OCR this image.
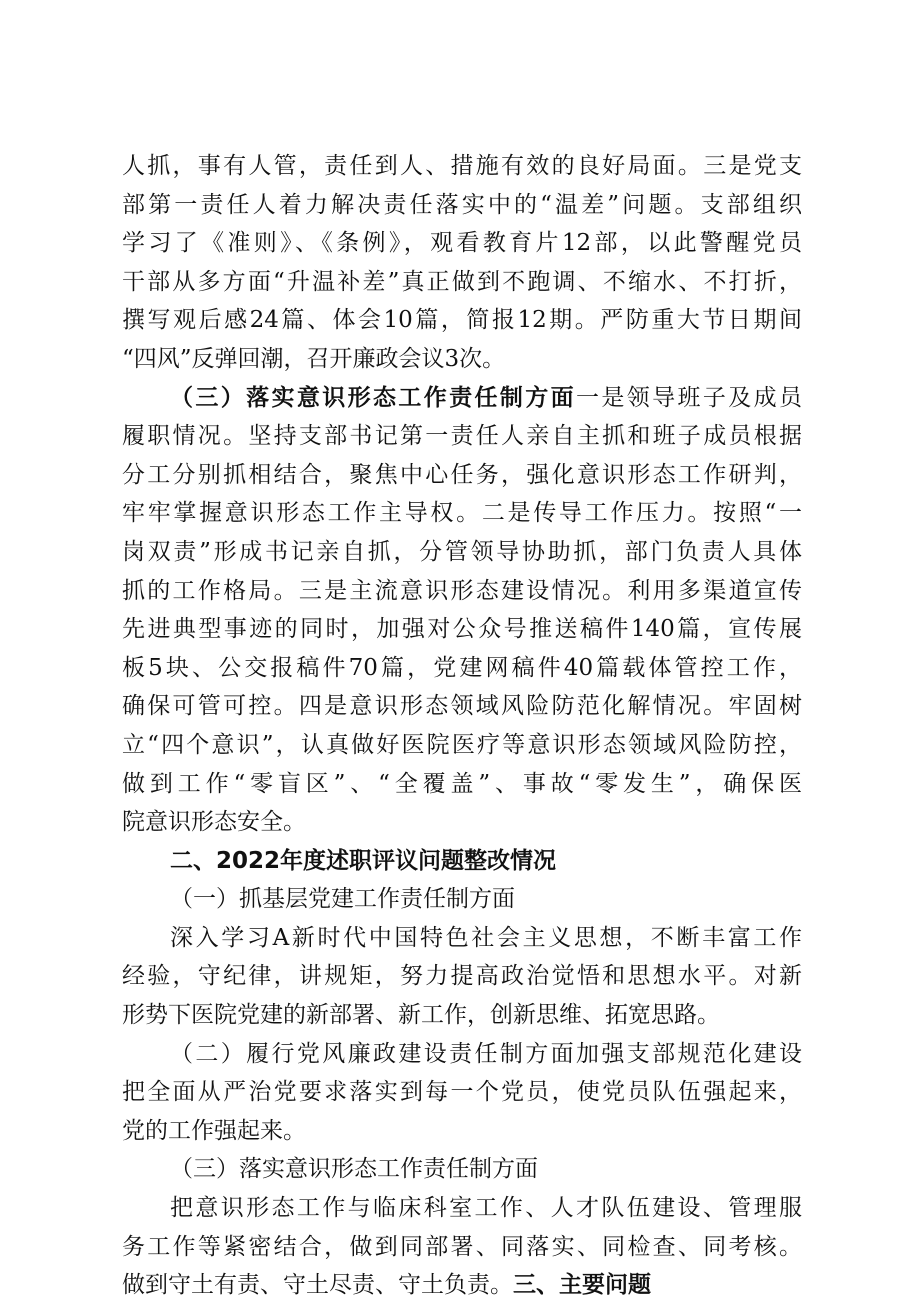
人抓，事有人管，责任到人、措施有效的良好局面。三是党支
部第一责任人着力解决责任落实中的“温差”问题。支部组织
学习了《准则》、《条例》，观看教育片12部，以此警醒党员
干部从多方面“升温补差”真正做到不跑调、不缩水、不打折，
撰写观后感24篇、体会10篇，简报12期。严防重大节日期间
“四风”反弹回潮，召开廉政会议3次。
（三）落实意识形态工作责任制方面一是领导班子及成员
履职情况。坚持支部书记第一责任人亲自主抓和班子成员根据
分工分别抓相结合，聚焦中心任务，强化意识形态工作研判，
牢牢掌握意识形态工作主导权。二是传导工作压力。按照“一
岗双责”形成书记亲自抓，分管领导协助抓，部门负责人具体
抓的工作格局。三是主流意识形态建设情况。利用多渠道宣传
先进典型事迹的同时，加强对公众号推送稿件140篇，宣传展
板5块、公交报稿件70篇，党建网稿件40篇载体管控工作，
确保可管可控。四是意识形态领域风险防范化解情况。牢固树
立“四个意识”，认真做好医院医疗等意识形态领域风险防控，
做到工作“零盲区”、“全覆盖”、事故“零发生”，确保医
院意识形态安全。
二、2022年度述职评议问题整改情况
（一）抓基层党建工作责任制方面
深入学习A新时代中国特色社会主义思想，不断丰富工作
经验，守纪律，讲规矩，努力提高政治觉悟和思想水平。对新
形势下医院党建的新部署、新工作，创新思维、拓宽思路。
（二）履行党风廉政建设责任制方面加强支部规范化建设
把全面从严治党要求落实到每一个党员，使党员队伍强起来，
党的工作强起来。
（三）落实意识形态工作责任制方面
把意识形态工作与临床科室工作、人才队伍建设、管理服
务工作等紧密结合，做到同部署、同落实、同检查、同考核。
做到守土有责、守土尽责、守土负责。三、主要问题
